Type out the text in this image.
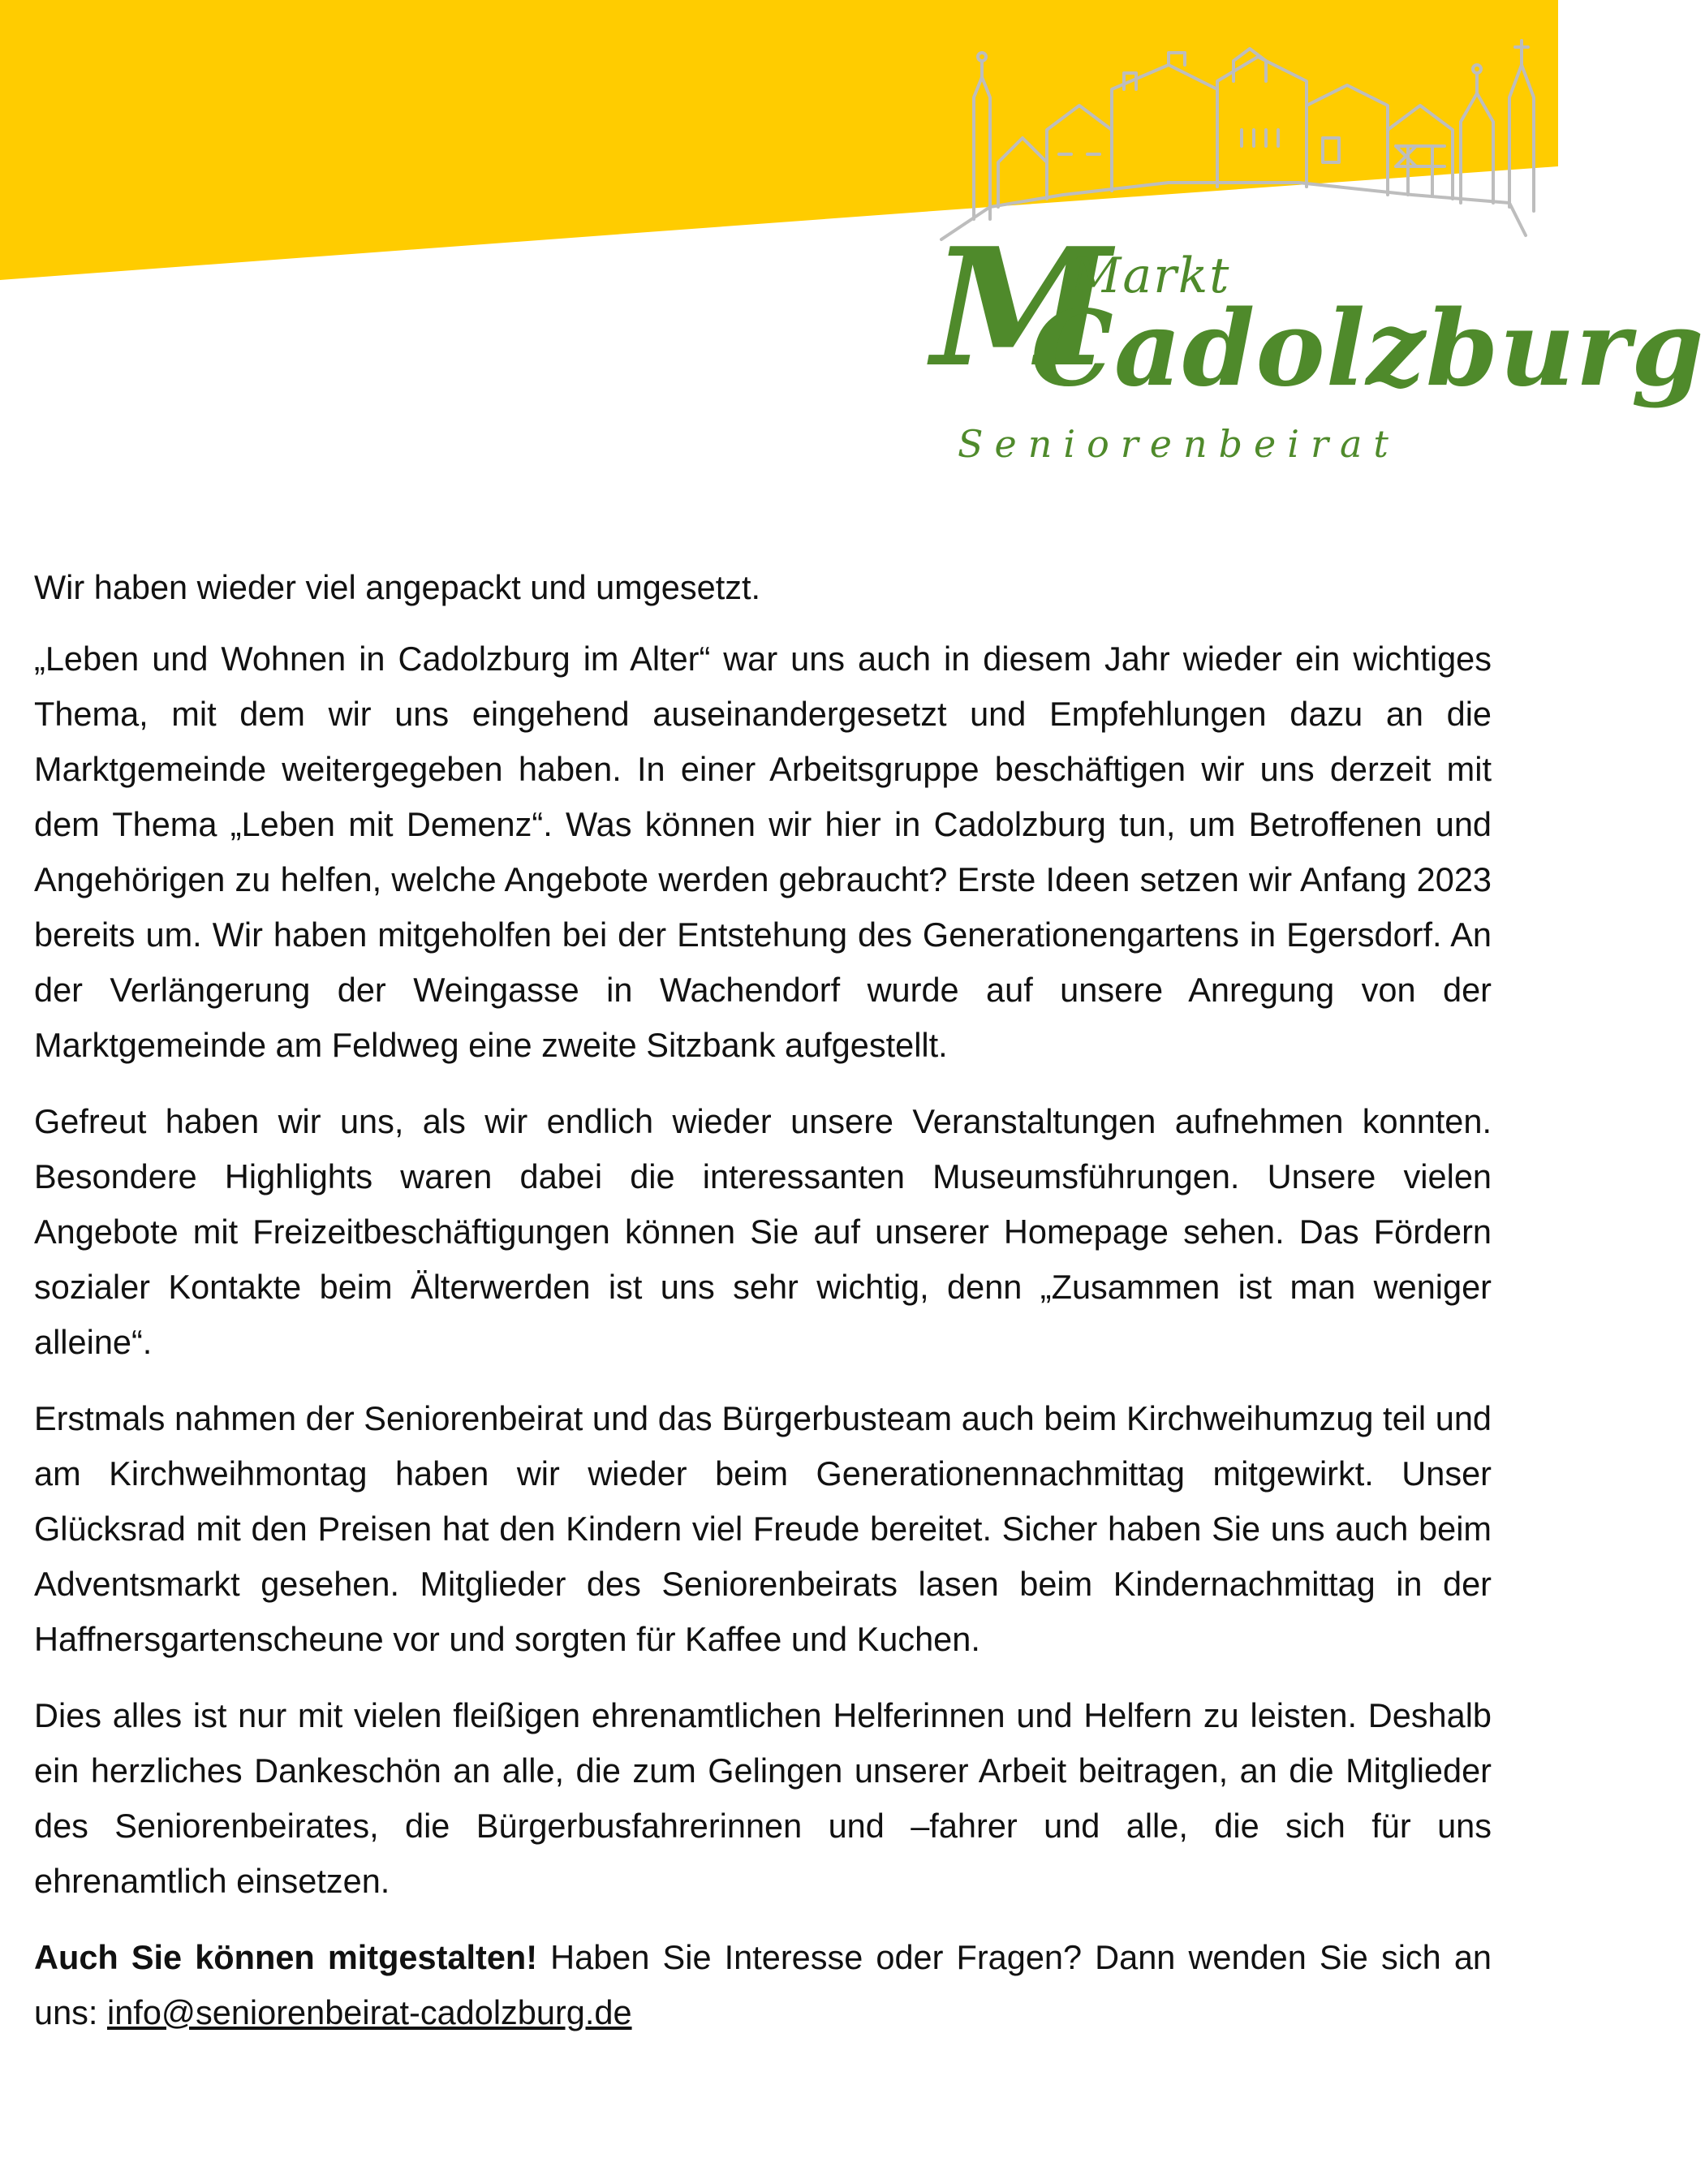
M
Markt
Cadolzburg
Seniorenbeirat

Wir haben wieder viel angepackt und umgesetzt.

„Leben und Wohnen in Cadolzburg im Alter“ war uns auch in diesem Jahr wieder ein wichtiges Thema, mit dem wir uns eingehend auseinandergesetzt und Empfehlungen dazu an die Marktgemeinde weitergegeben haben. In einer Arbeitsgruppe beschäftigen wir uns derzeit mit dem Thema „Leben mit Demenz“. Was können wir hier in Cadolzburg tun, um Betroffenen und Angehörigen zu helfen, welche Angebote werden gebraucht? Erste Ideen setzen wir Anfang 2023 bereits um. Wir haben mitgeholfen bei der Entstehung des Generationengartens in Egersdorf. An der Verlängerung der Weingasse in Wachendorf wurde auf unsere Anregung von der Marktgemeinde am Feldweg eine zweite Sitzbank aufgestellt.

Gefreut haben wir uns, als wir endlich wieder unsere Veranstaltungen aufnehmen konnten. Besondere Highlights waren dabei die interessanten Museumsführungen. Unsere vielen Angebote mit Freizeitbeschäftigungen können Sie auf unserer Homepage sehen. Das Fördern sozialer Kontakte beim Älterwerden ist uns sehr wichtig, denn „Zusammen ist man weniger alleine“.

Erstmals nahmen der Seniorenbeirat und das Bürgerbusteam auch beim Kirchweihumzug teil und am Kirchweihmontag haben wir wieder beim Generationennachmittag mitgewirkt. Unser Glücksrad mit den Preisen hat den Kindern viel Freude bereitet. Sicher haben Sie uns auch beim Adventsmarkt gesehen. Mitglieder des Seniorenbeirats lasen beim Kindernachmittag in der Haffnersgartenscheune vor und sorgten für Kaffee und Kuchen.

Dies alles ist nur mit vielen fleißigen ehrenamtlichen Helferinnen und Helfern zu leisten. Deshalb ein herzliches Dankeschön an alle, die zum Gelingen unserer Arbeit beitragen, an die Mitglieder des Seniorenbeirates, die Bürgerbusfahrerinnen und –fahrer und alle, die sich für uns ehrenamtlich einsetzen.

Auch Sie können mitgestalten! Haben Sie Interesse oder Fragen? Dann wenden Sie sich an uns: info@seniorenbeirat-cadolzburg.de
